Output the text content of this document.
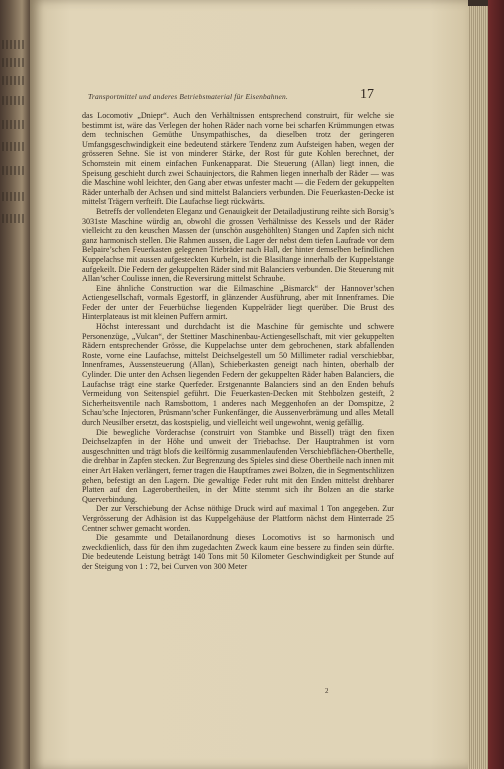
Transportmittel und anderes Betriebsmaterial für Eisenbahnen.	17

das Locomotiv „Dniepr“. Auch den Verhältnissen entsprechend construirt, für welche sie bestimmt ist, wäre das Verlegen der hohen Räder nach vorne bei scharfen Krümmungen etwas dem technischen Gemüthe Unsympathisches, da dieselben trotz der geringeren Umfangsgeschwindigkeit eine bedeutend stärkere Tendenz zum Aufsteigen haben, wegen der grösseren Sehne. Sie ist von minderer Stärke, der Rost für gute Kohlen berechnet, der Schornstein mit einem einfachen Funkenapparat. Die Steuerung (Allan) liegt innen, die Speisung geschieht durch zwei Schauinjectors, die Rahmen liegen innerhalb der Räder — was die Maschine wohl leichter, den Gang aber etwas unfester macht — die Federn der gekuppelten Räder unterhalb der Achsen und sind mittelst Balanciers verbunden. Die Feuerkasten-Decke ist mittelst Trägern verfteift. Die Laufachse liegt rückwärts.

Betreffs der vollendeten Eleganz und Genauigkeit der Detailadjustirung reihte sich Borsig’s 3031ste Maschine würdig an, obwohl die grossen Verhältnisse des Kessels und der Räder vielleicht zu den keuschen Massen der (unschön ausgehöhlten) Stangen und Zapfen sich nicht ganz harmonisch stellen. Die Rahmen aussen, die Lager der nebst dem tiefen Laufrade vor dem Belpaire’schen Feuerkasten gelegenen Triebräder nach Hall, der hinter demselben befindlichen Kuppelachse mit aussen aufgesteckten Kurbeln, ist die Blasiltange innerhalb der Kuppelstange aufgekeilt. Die Federn der gekuppelten Räder sind mit Balanciers verbunden. Die Steuerung mit Allan’scher Coulisse innen, die Reversirung mittelst Schraube.

Eine ähnliche Construction war die Eilmaschine „Bismarck“ der Hannover’schen Actiengesellschaft, vormals Egestorff, in glänzender Ausführung, aber mit Innenframes. Die Feder der unter der Feuerbüchse liegenden Kuppelräder liegt querüber. Die Brust des Hinterplateaus ist mit kleinen Puffern armirt.

Höchst interessant und durchdacht ist die Maschine für gemischte und schwere Personenzüge, „Vulcan“, der Stettiner Maschinenbau-Actiengesellschaft, mit vier gekuppelten Rädern entsprechender Grösse, die Kuppelachse unter dem gebrochenen, stark abfallenden Roste, vorne eine Laufachse, mittelst Deichselgestell um 50 Millimeter radial verschiebbar, Innenframes, Aussensteuerung (Allan), Schieberkasten geneigt nach hinten, oberhalb der Cylinder. Die unter den Achsen liegenden Federn der gekuppelten Räder haben Balanciers, die Laufachse trägt eine starke Querfeder. Erstgenannte Balanciers sind an den Enden behufs Vermeidung von Seitenspiel geführt. Die Feuerkasten-Decken mit Stehbolzen gesteift, 2 Sicherheitsventile nach Ramsbottom, 1 anderes nach Meggenhofen an der Domspitze, 2 Schau’sche Injectoren, Prüsmann’scher Funkenfänger, die Aussenverbrämung und alles Metall durch Neusilber ersetzt, das kostspielig, und vielleicht weil ungewohnt, wenig gefällig.

Die bewegliche Vorderachse (construirt von Stambke und Bissell) trägt den fixen Deichselzapfen in der Höhe und unweit der Triebachse. Der Hauptrahmen ist vorn ausgeschnitten und trägt blofs die keilförmig zusammenlaufenden Verschiebflächen-Oberthelle, die drehbar in Zapfen stecken. Zur Begrenzung des Spieles sind diese Obertheile nach innen mit einer Art Haken verlängert, ferner tragen die Hauptframes zwei Bolzen, die in Segmentschlitzen gehen, befestigt an den Lagern. Die gewaltige Feder ruht mit den Enden mittelst drehbarer Platten auf den Lagerobertheilen, in der Mitte stemmt sich ihr Bolzen an die starke Querverbindung.

Der zur Verschiebung der Achse nöthige Druck wird auf maximal 1 Ton angegeben. Zur Vergrösserung der Adhäsion ist das Kuppelgehäuse der Plattform nächst dem Hinterrade 25 Centner schwer gemacht worden.

Die gesammte und Detailanordnung dieses Locomotivs ist so harmonisch und zweckdienlich, dass für den ihm zugedachten Zweck kaum eine bessere zu finden sein dürfte. Die bedeutende Leistung beträgt 140 Tons mit 50 Kilometer Geschwindigkeit per Stunde auf der Steigung von 1 : 72, bei Curven von 300 Meter

2
